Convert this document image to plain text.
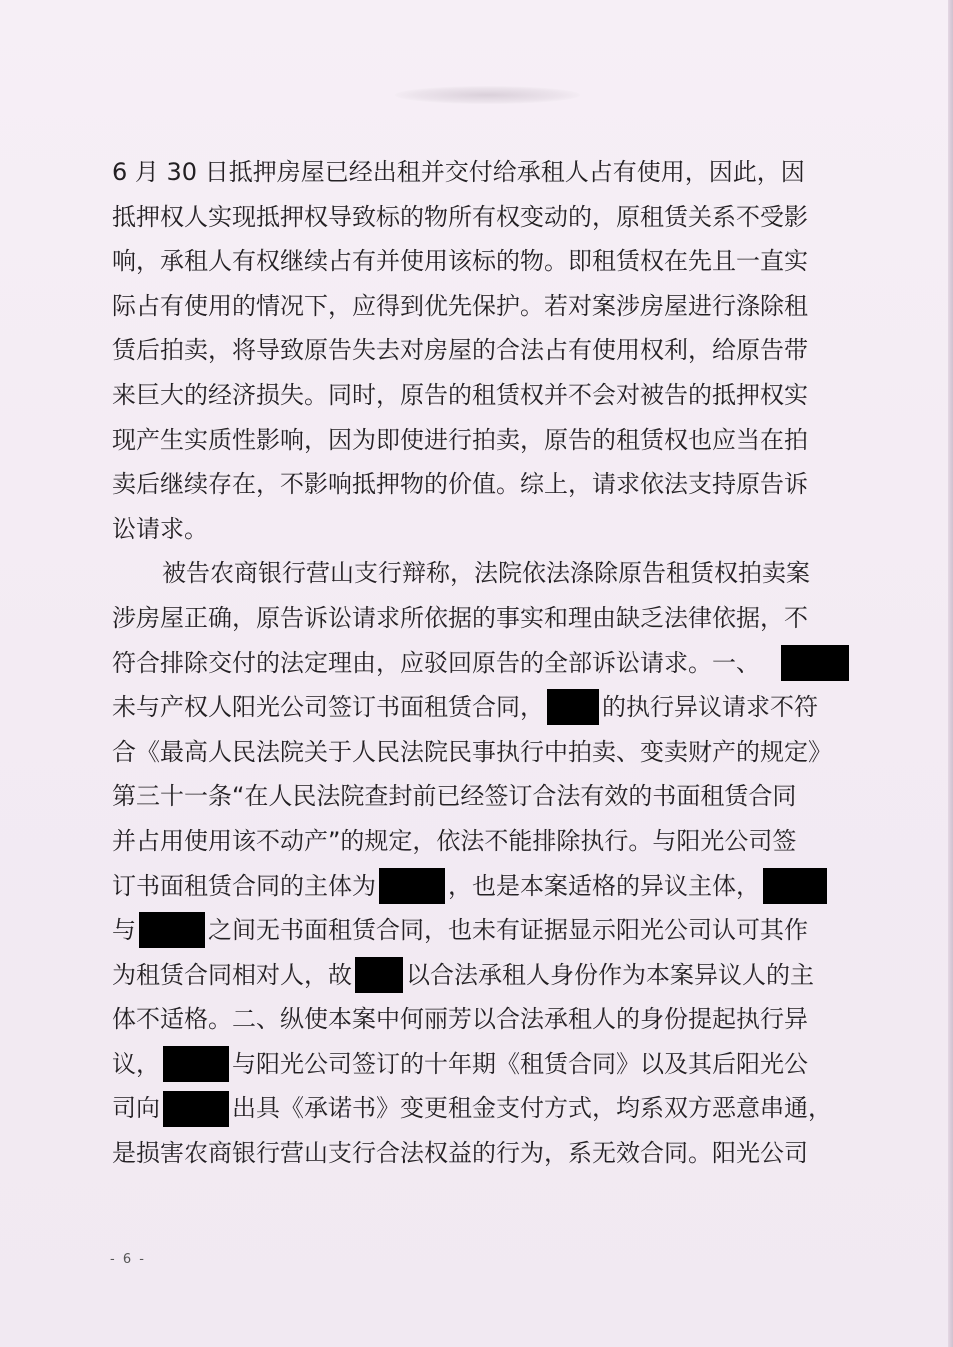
6 月 30 日抵押房屋已经出租并交付给承租人占有使用，因此，因
抵押权人实现抵押权导致标的物所有权变动的，原租赁关系不受影
响，承租人有权继续占有并使用该标的物。即租赁权在先且一直实
际占有使用的情况下，应得到优先保护。若对案涉房屋进行涤除租
赁后拍卖，将导致原告失去对房屋的合法占有使用权利，给原告带
来巨大的经济损失。同时，原告的租赁权并不会对被告的抵押权实
现产生实质性影响，因为即使进行拍卖，原告的租赁权也应当在拍
卖后继续存在，不影响抵押物的价值。综上，请求依法支持原告诉
讼请求。
被告农商银行营山支行辩称，法院依法涤除原告租赁权拍卖案
涉房屋正确，原告诉讼请求所依据的事实和理由缺乏法律依据，不
符合排除交付的法定理由，应驳回原告的全部诉讼请求。一、
未与产权人阳光公司签订书面租赁合同， 的执行异议请求不符
合《最高人民法院关于人民法院民事执行中拍卖、变卖财产的规定》
第三十一条“在人民法院查封前已经签订合法有效的书面租赁合同
并占用使用该不动产”的规定，依法不能排除执行。与阳光公司签
订书面租赁合同的主体为	，也是本案适格的异议主体，
与	之间无书面租赁合同，也未有证据显示阳光公司认可其作
为租赁合同相对人，故 以合法承租人身份作为本案异议人的主
体不适格。二、纵使本案中何丽芳以合法承租人的身份提起执行异
议，	与阳光公司签订的十年期《租赁合同》以及其后阳光公
司向	出具《承诺书》变更租金支付方式，均系双方恶意串通，
是损害农商银行营山支行合法权益的行为，系无效合同。阳光公司
- 6 -
